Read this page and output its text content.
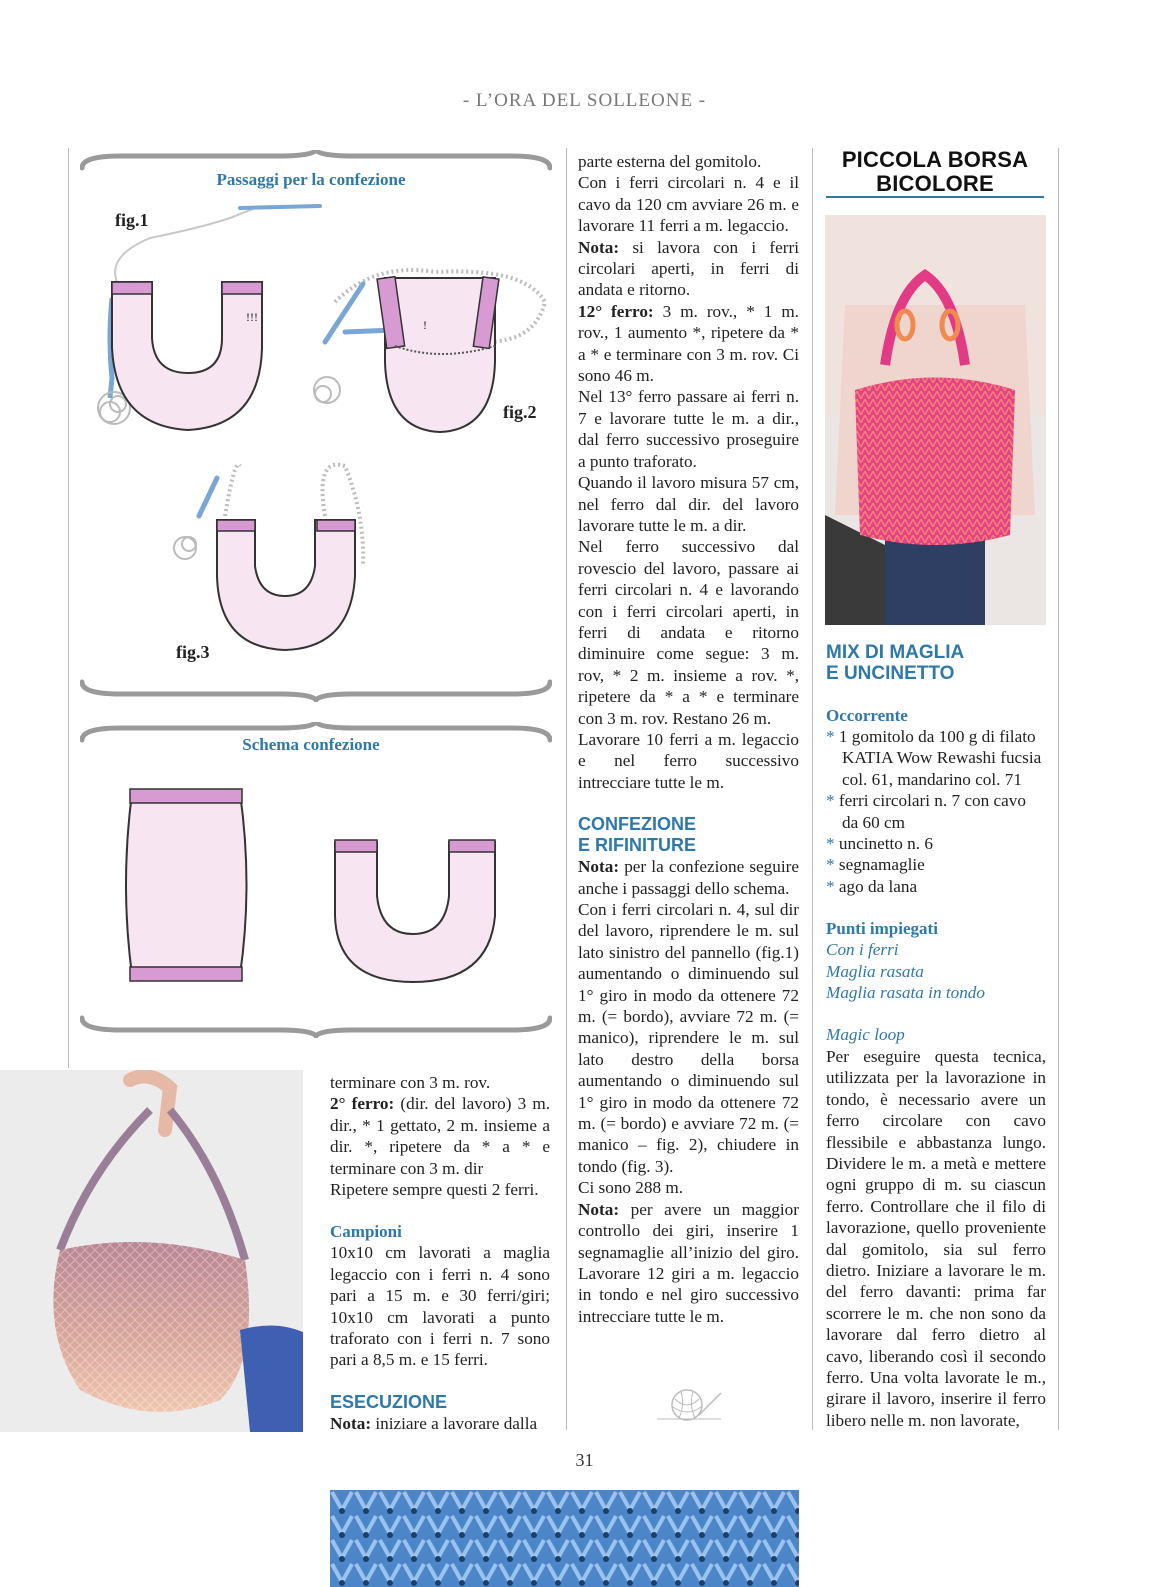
- L’ORA DEL SOLLEONE -
Passaggi per la confezione
fig.1
fig.2
fig.3
!!!
!
Schema confezione
PICCOLA BORSA
BICOLORE

terminare con 3 m. rov.

2° ferro: (dir. del lavoro) 3 m. dir., * 1 gettato, 2 m. insieme a dir. *, ripetere da * a * e terminare con 3 m. dir

Ripetere sempre questi 2 ferri.

Campioni

10x10 cm lavorati a maglia legaccio con i ferri n. 4 sono pari a 15 m. e 30 ferri/giri; 10x10 cm lavorati a punto traforato con i ferri n. 7 sono pari a 8,5 m. e 15 ferri.

ESECUZIONE

Nota: iniziare a lavorare dalla

parte esterna del gomitolo.

Con i ferri circolari n. 4 e il cavo da 120 cm avviare 26 m. e lavorare 11 ferri a m. legaccio.

Nota: si lavora con i ferri circolari aperti, in ferri di andata e ritorno.

12° ferro: 3 m. rov., * 1 m. rov., 1 aumento *, ripetere da * a * e terminare con 3 m. rov. Ci sono 46 m.

Nel 13° ferro passare ai ferri n. 7 e lavorare tutte le m. a dir., dal ferro successivo proseguire a punto traforato.

Quando il lavoro misura 57 cm, nel ferro dal dir. del lavoro lavorare tutte le m. a dir.

Nel ferro successivo dal rovescio del lavoro, passare ai ferri circolari n. 4 e lavorando con i ferri circolari aperti, in ferri di andata e ritorno diminuire come segue: 3 m. rov, * 2 m. insieme a rov. *, ripetere da * a * e terminare con 3 m. rov. Restano 26 m.

Lavorare 10 ferri a m. legaccio e nel ferro successivo intrecciare tutte le m.

CONFEZIONE

E RIFINITURE

Nota: per la confezione seguire anche i passaggi dello schema.

Con i ferri circolari n. 4, sul dir del lavoro, riprendere le m. sul lato sinistro del pannello (fig.1) aumentando o diminuendo sul 1° giro in modo da ottenere 72 m. (= bordo), avviare 72 m. (= manico), riprendere le m. sul lato destro della borsa aumentando o diminuendo sul 1° giro in modo da ottenere 72 m. (= bordo) e avviare 72 m. (= manico – fig. 2), chiudere in tondo (fig. 3).

Ci sono 288 m.

Nota: per avere un maggior controllo dei giri, inserire 1 segnamaglie all’inizio del giro. Lavorare 12 giri a m. legaccio in tondo e nel giro successivo intrecciare tutte le m.

MIX DI MAGLIA

E UNCINETTO

Occorrente

* 1 gomitolo da 100 g di filato KATIA Wow Rewashi fucsia col. 61, mandarino col. 71

* ferri circolari n. 7 con cavo da 60 cm

* uncinetto n. 6

* segnamaglie

* ago da lana

Punti impiegati

Con i ferri

Maglia rasata

Maglia rasata in tondo

Magic loop

Per eseguire questa tecnica, utilizzata per la lavorazione in tondo, è necessario avere un ferro circolare con cavo flessibile e abbastanza lungo. Dividere le m. a metà e mettere ogni gruppo di m. su ciascun ferro. Controllare che il filo di lavorazione, quello proveniente dal gomitolo, sia sul ferro dietro. Iniziare a lavorare le m. del ferro davanti: prima far scorrere le m. che non sono da lavorare dal ferro dietro al cavo, liberando così il secondo ferro. Una volta lavorate le m., girare il lavoro, inserire il ferro libero nelle m. non lavorate,

31
